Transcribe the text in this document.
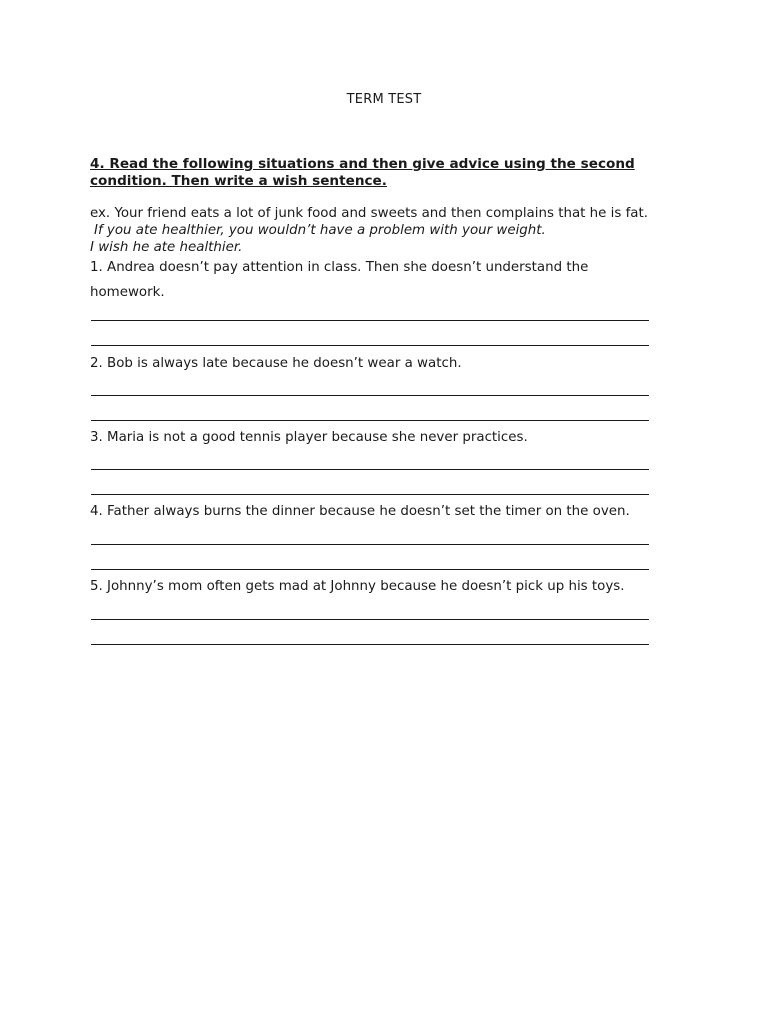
TERM TEST
4. Read the following situations and then give advice using the second condition. Then write a wish sentence.
ex. Your friend eats a lot of junk food and sweets and then complains that he is fat.
If you ate healthier, you wouldn’t have a problem with your weight.
I wish he ate healthier.
1. Andrea doesn’t pay attention in class. Then she doesn’t understand the homework.
2. Bob is always late because he doesn’t wear a watch.
3. Maria is not a good tennis player because she never practices.
4. Father always burns the dinner because he doesn’t set the timer on the oven.
5. Johnny’s mom often gets mad at Johnny because he doesn’t pick up his toys.
